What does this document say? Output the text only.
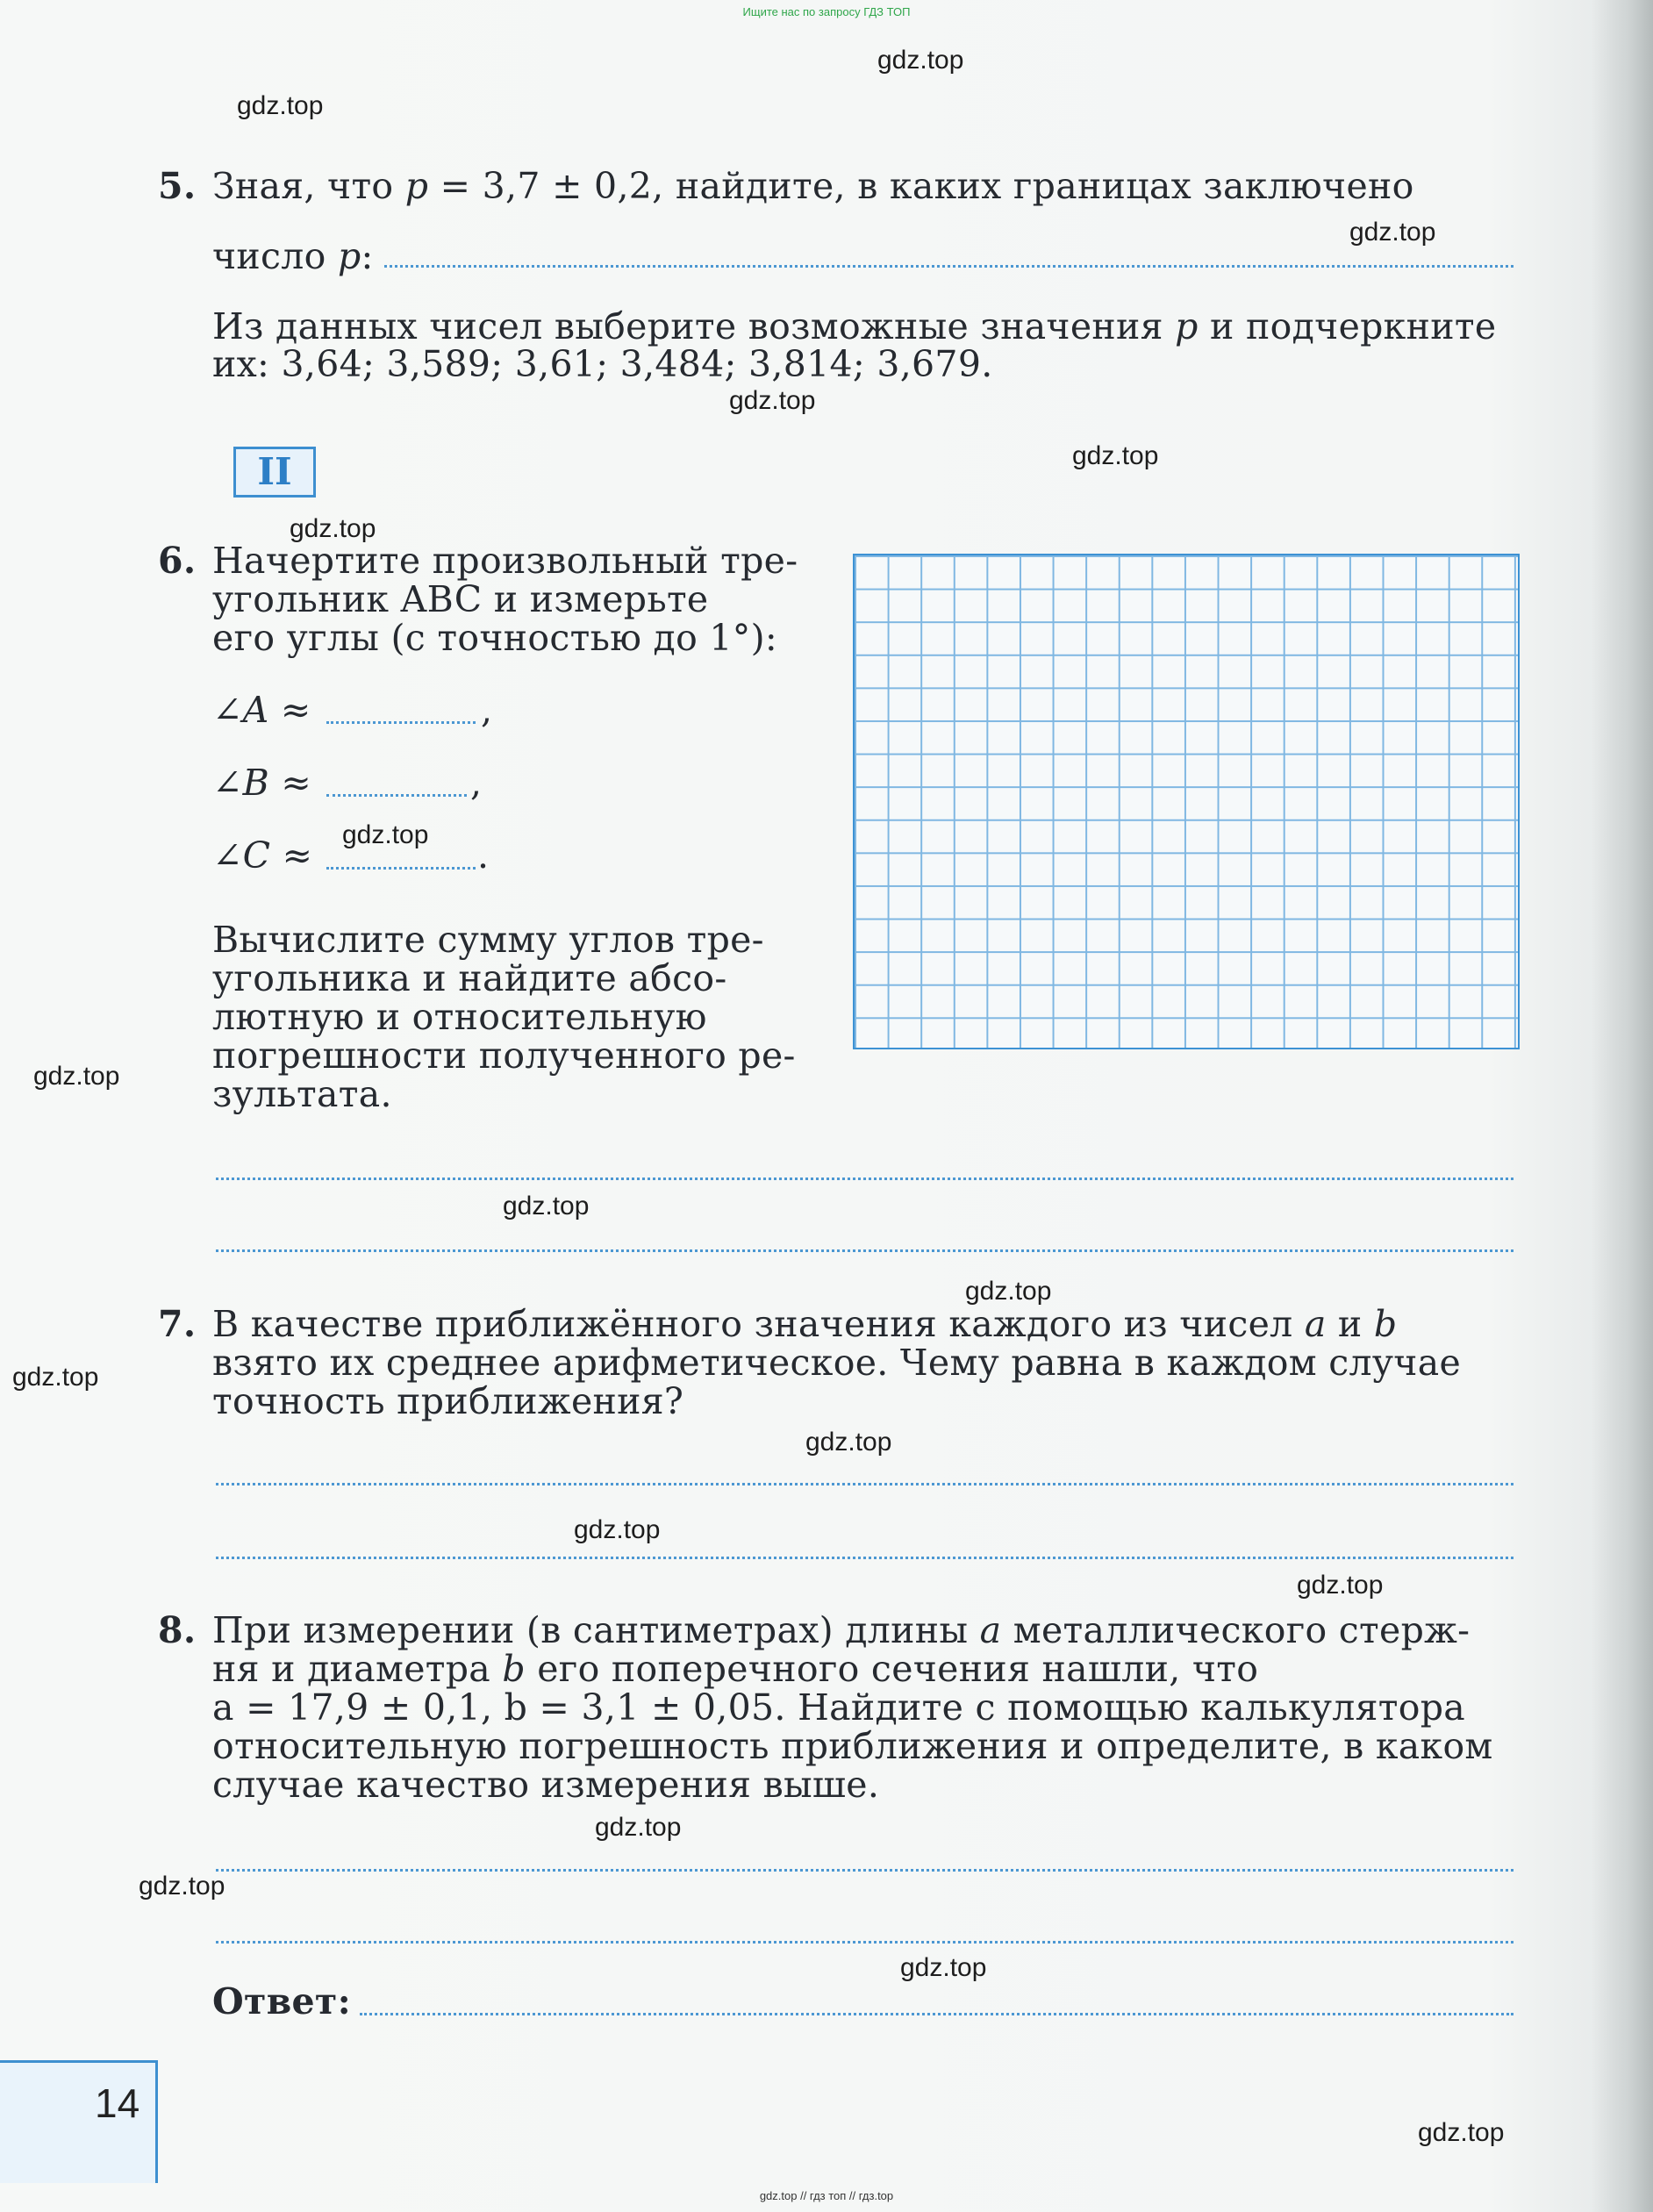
Ищите нас по запросу ГДЗ ТОП
gdz.top
gdz.top
gdz.top
gdz.top
gdz.top
gdz.top
gdz.top
gdz.top
gdz.top
gdz.top
gdz.top
gdz.top
gdz.top
gdz.top
gdz.top
gdz.top
gdz.top
gdz.top
5. Зная, что p = 3,7 ± 0,2, найдите, в каких границах заключено
число p:
Из данных чисел выберите возможные значения p и подчеркните
их: 3,64; 3,589; 3,61; 3,484; 3,814; 3,679.
II
6. Начертите произвольный тре-
угольник ABC и измерьте
его углы (с точностью до 1°):
∠A ≈	,
∠B ≈	,
∠C ≈	.
Вычислите сумму углов тре-
угольника и найдите абсо-
лютную и относительную
погрешности полученного ре-
зультата.
7. В качестве приближённого значения каждого из чисел a и b
взято их среднее арифметическое. Чему равна в каждом случае
точность приближения?
8. При измерении (в сантиметрах) длины a металлического стерж-
ня и диаметра b его поперечного сечения нашли, что
a = 17,9 ± 0,1, b = 3,1 ± 0,05. Найдите с помощью калькулятора
относительную погрешность приближения и определите, в каком
случае качество измерения выше.
Ответ:
14
gdz.top // гдз топ // гдз.top
